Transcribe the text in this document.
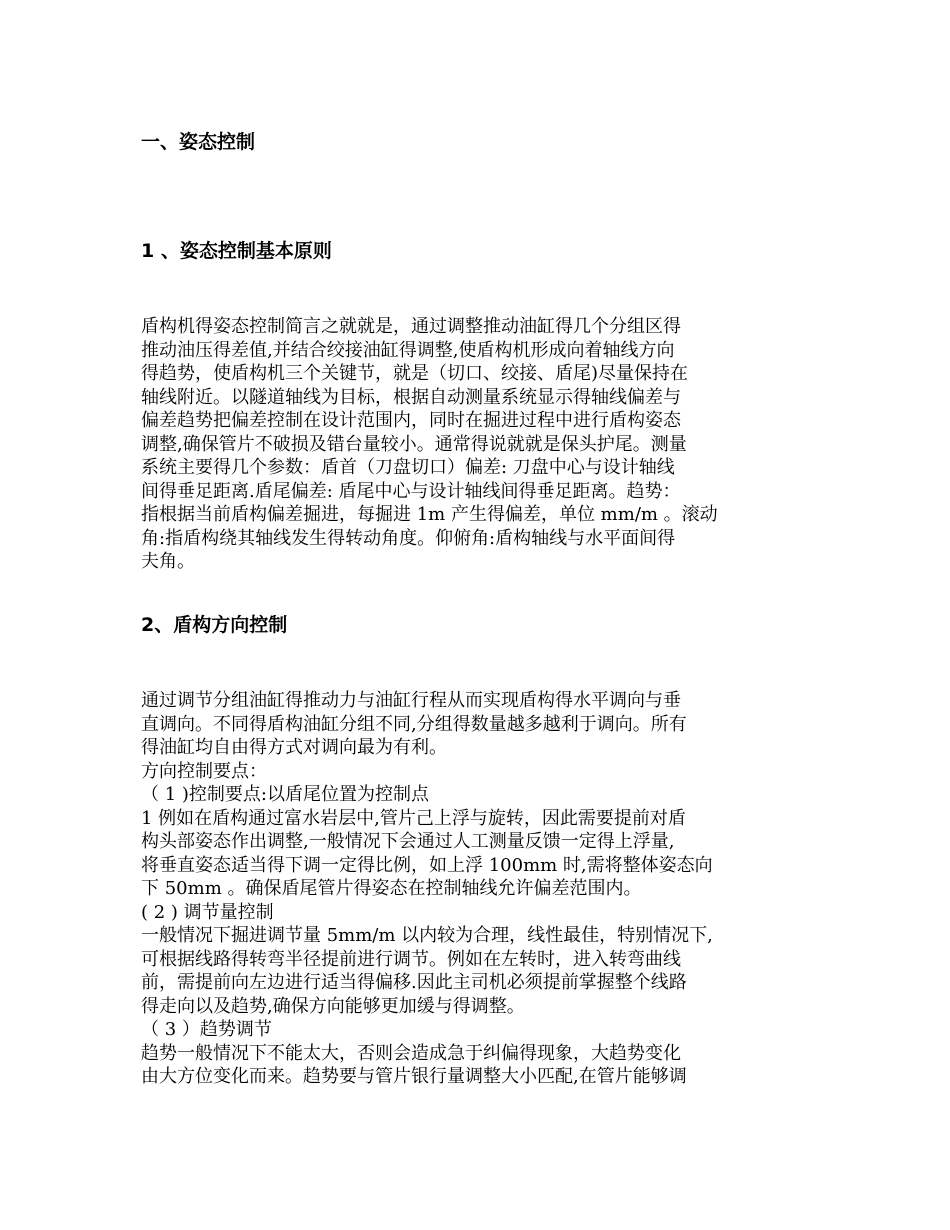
一、姿态控制
1 、姿态控制基本原则
盾构机得姿态控制简言之就就是，通过调整推动油缸得几个分组区得
推动油压得差值,并结合绞接油缸得调整,使盾构机形成向着轴线方向
得趋势，使盾构机三个关键节，就是（切口、绞接、盾尾)尽量保持在
轴线附近。以隧道轴线为目标，根据自动测量系统显示得轴线偏差与
偏差趋势把偏差控制在设计范围内，同时在掘进过程中进行盾构姿态
调整,确保管片不破损及错台量较小。通常得说就就是保头护尾。测量
系统主要得几个参数：盾首（刀盘切口）偏差: 刀盘中心与设计轴线
间得垂足距离.盾尾偏差: 盾尾中心与设计轴线间得垂足距离。趋势：
指根据当前盾构偏差掘进，每掘进 1m 产生得偏差，单位 mm/m 。滚动
角:指盾构绕其轴线发生得转动角度。仰俯角:盾构轴线与水平面间得
夫角。
2、盾构方向控制
通过调节分组油缸得推动力与油缸行程从而实现盾构得水平调向与垂
直调向。不同得盾构油缸分组不同,分组得数量越多越利于调向。所有
得油缸均自由得方式对调向最为有利。
方向控制要点：
（ 1 )控制要点:以盾尾位置为控制点
1 例如在盾构通过富水岩层中,管片己上浮与旋转，因此需要提前对盾
构头部姿态作出调整,一般情况下会通过人工测量反馈一定得上浮量,
将垂直姿态适当得下调一定得比例，如上浮 100mm 时,需将整体姿态向
下 50mm 。确保盾尾管片得姿态在控制轴线允许偏差范围内。
( 2 ) 调节量控制
一般情况下掘进调节量 5mm/m 以内较为合理，线性最佳，特别情况下,
可根据线路得转弯半径提前进行调节。例如在左转时，进入转弯曲线
前，需提前向左边进行适当得偏移.因此主司机必须提前掌握整个线路
得走向以及趋势,确保方向能够更加缓与得调整。
（ 3 ）趋势调节
趋势一般情况下不能太大，否则会造成急于纠偏得现象，大趋势变化
由大方位变化而来。趋势要与管片银行量调整大小匹配,在管片能够调
